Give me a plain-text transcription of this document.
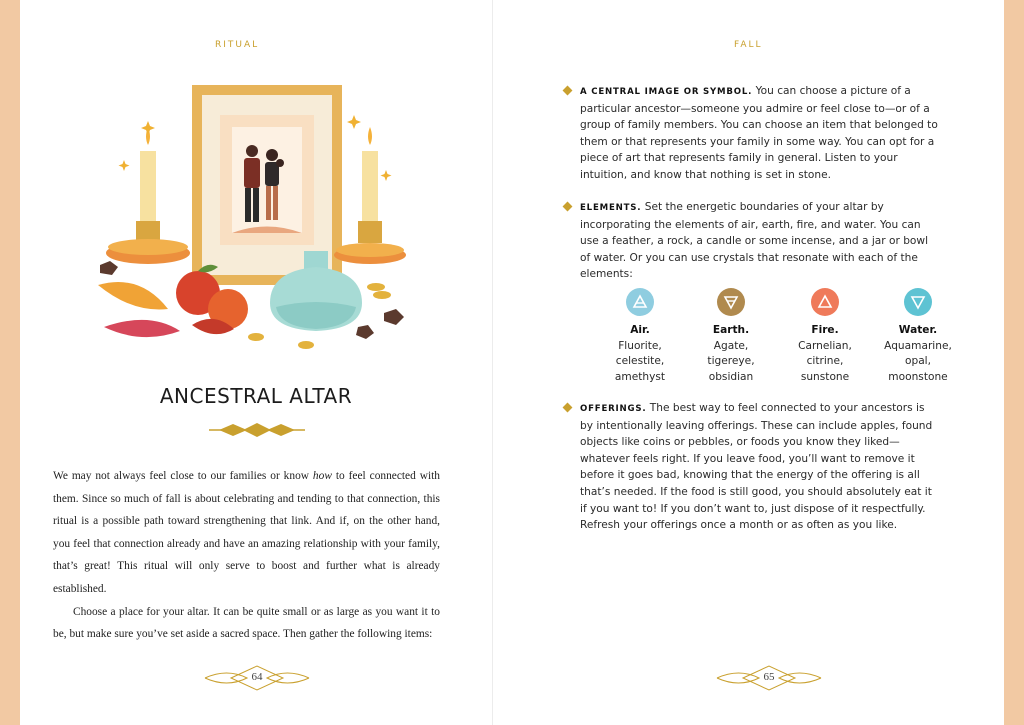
RITUAL
ANCESTRAL ALTAR

We may not always feel close to our families or know how to feel connected with them. Since so much of fall is about celebrating and tending to that connection, this ritual is a possible path toward strengthening that link. And if, on the other hand, you feel that connection already and have an amazing relationship with your family, that’s great! This ritual will only serve to boost and further what is already established.

Choose a place for your altar. It can be quite small or as large as you want it to be, but make sure you’ve set aside a sacred space. Then gather the following items:

64
FALL
A CENTRAL IMAGE OR SYMBOL. You can choose a picture of a particular ancestor—someone you admire or feel close to—or of a group of family members. You can choose an item that belonged to them or that represents your family in some way. You can opt for a piece of art that represents family in general. Listen to your intuition, and know that nothing is set in stone.
ELEMENTS. Set the energetic boundaries of your altar by incorporating the elements of air, earth, fire, and water. You can use a feather, a rock, a candle or some incense, and a jar or bowl of water. Or you can use crystals that resonate with each of the elements:
Air.
Fluorite,
celestite,
amethyst
Earth.
Agate,
tigereye,
obsidian
Fire.
Carnelian,
citrine,
sunstone
Water.
Aquamarine,
opal,
moonstone
OFFERINGS. The best way to feel connected to your ancestors is by intentionally leaving offerings. These can include apples, found objects like coins or pebbles, or foods you know they liked—whatever feels right. If you leave food, you’ll want to remove it before it goes bad, knowing that the energy of the offering is all that’s needed. If the food is still good, you should absolutely eat it if you want to! If you don’t want to, just dispose of it respectfully. Refresh your offerings once a month or as often as you like.
65
